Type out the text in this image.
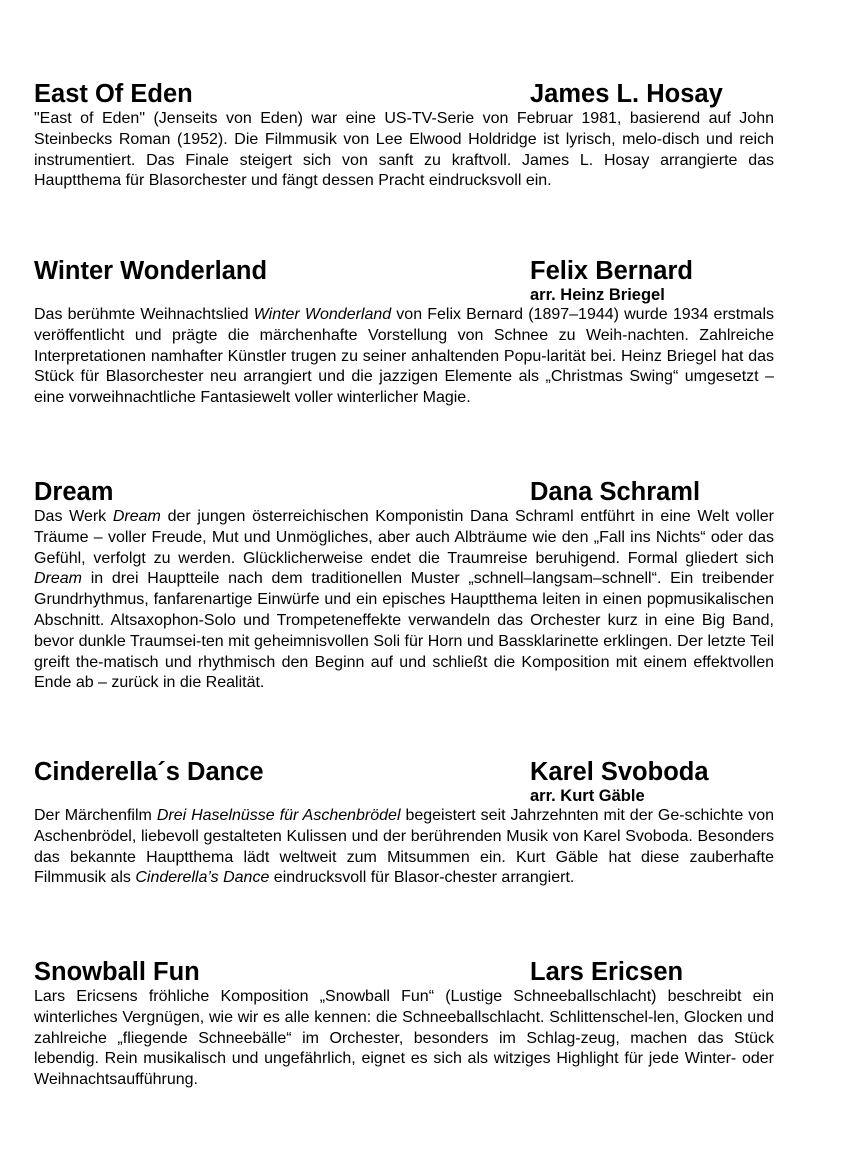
East Of Eden	James L. Hosay

"East of Eden" (Jenseits von Eden) war eine US-TV-Serie von Februar 1981, basierend auf John Steinbecks Roman (1952). Die Filmmusik von Lee Elwood Holdridge ist lyrisch, melo-disch und reich instrumentiert. Das Finale steigert sich von sanft zu kraftvoll. James L. Hosay arrangierte das Hauptthema für Blasorchester und fängt dessen Pracht eindrucksvoll ein.

Winter Wonderland	Felix Bernard
arr. Heinz Briegel

Das berühmte Weihnachtslied Winter Wonderland von Felix Bernard (1897–1944) wurde 1934 erstmals veröffentlicht und prägte die märchenhafte Vorstellung von Schnee zu Weih-nachten. Zahlreiche Interpretationen namhafter Künstler trugen zu seiner anhaltenden Popu-larität bei. Heinz Briegel hat das Stück für Blasorchester neu arrangiert und die jazzigen Elemente als „Christmas Swing“ umgesetzt – eine vorweihnachtliche Fantasiewelt voller winterlicher Magie.

Dream	Dana Schraml

Das Werk Dream der jungen österreichischen Komponistin Dana Schraml entführt in eine Welt voller Träume – voller Freude, Mut und Unmögliches, aber auch Albträume wie den „Fall ins Nichts“ oder das Gefühl, verfolgt zu werden. Glücklicherweise endet die Traumreise beruhigend. Formal gliedert sich Dream in drei Hauptteile nach dem traditionellen Muster „schnell–langsam–schnell“. Ein treibender Grundrhythmus, fanfarenartige Einwürfe und ein episches Hauptthema leiten in einen popmusikalischen Abschnitt. Altsaxophon-Solo und Trompeteneffekte verwandeln das Orchester kurz in eine Big Band, bevor dunkle Traumsei-ten mit geheimnisvollen Soli für Horn und Bassklarinette erklingen. Der letzte Teil greift the-matisch und rhythmisch den Beginn auf und schließt die Komposition mit einem effektvollen Ende ab – zurück in die Realität.

Cinderella´s Dance	Karel Svoboda
arr. Kurt Gäble

Der Märchenfilm Drei Haselnüsse für Aschenbrödel begeistert seit Jahrzehnten mit der Ge-schichte von Aschenbrödel, liebevoll gestalteten Kulissen und der berührenden Musik von Karel Svoboda. Besonders das bekannte Hauptthema lädt weltweit zum Mitsummen ein. Kurt Gäble hat diese zauberhafte Filmmusik als Cinderella’s Dance eindrucksvoll für Blasor-chester arrangiert.

Snowball Fun	Lars Ericsen

Lars Ericsens fröhliche Komposition „Snowball Fun“ (Lustige Schneeballschlacht) beschreibt ein winterliches Vergnügen, wie wir es alle kennen: die Schneeballschlacht. Schlittenschel-len, Glocken und zahlreiche „fliegende Schneebälle“ im Orchester, besonders im Schlag-zeug, machen das Stück lebendig. Rein musikalisch und ungefährlich, eignet es sich als witziges Highlight für jede Winter- oder Weihnachtsaufführung.
